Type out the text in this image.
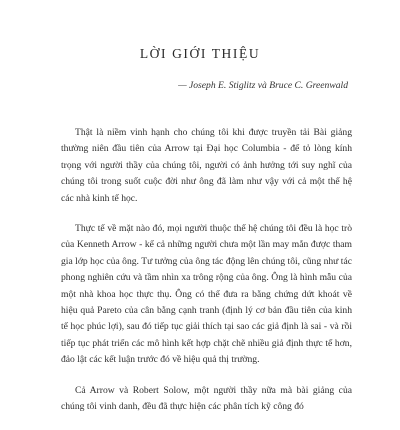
LỜI GIỚI THIỆU
— Joseph E. Stiglitz và Bruce C. Greenwald

Thật là niềm vinh hạnh cho chúng tôi khi được truyền tải Bài giảng thường niên đầu tiên của Arrow tại Đại học Columbia - để tỏ lòng kính trọng với người thầy của chúng tôi, người có ảnh hưởng tới suy nghĩ của chúng tôi trong suốt cuộc đời như ông đã làm như vậy với cả một thế hệ các nhà kinh tế học.

Thực tế về mặt nào đó, mọi người thuộc thế hệ chúng tôi đều là học trò của Kenneth Arrow - kể cả những người chưa một lần may mắn được tham gia lớp học của ông. Tư tưởng của ông tác động lên chúng tôi, cũng như tác phong nghiên cứu và tầm nhìn xa trông rộng của ông. Ông là hình mẫu của một nhà khoa học thực thụ. Ông có thể đưa ra bằng chứng dứt khoát về hiệu quả Pareto của cân bằng cạnh tranh (định lý cơ bản đầu tiên của kinh tế học phúc lợi), sau đó tiếp tục giải thích tại sao các giả định là sai - và rồi tiếp tục phát triển các mô hình kết hợp chặt chẽ nhiều giả định thực tế hơn, đảo lật các kết luận trước đó về hiệu quả thị trường.

Cả Arrow và Robert Solow, một người thầy nữa mà bài giảng của chúng tôi vinh danh, đều đã thực hiện các phân tích kỹ công đó
